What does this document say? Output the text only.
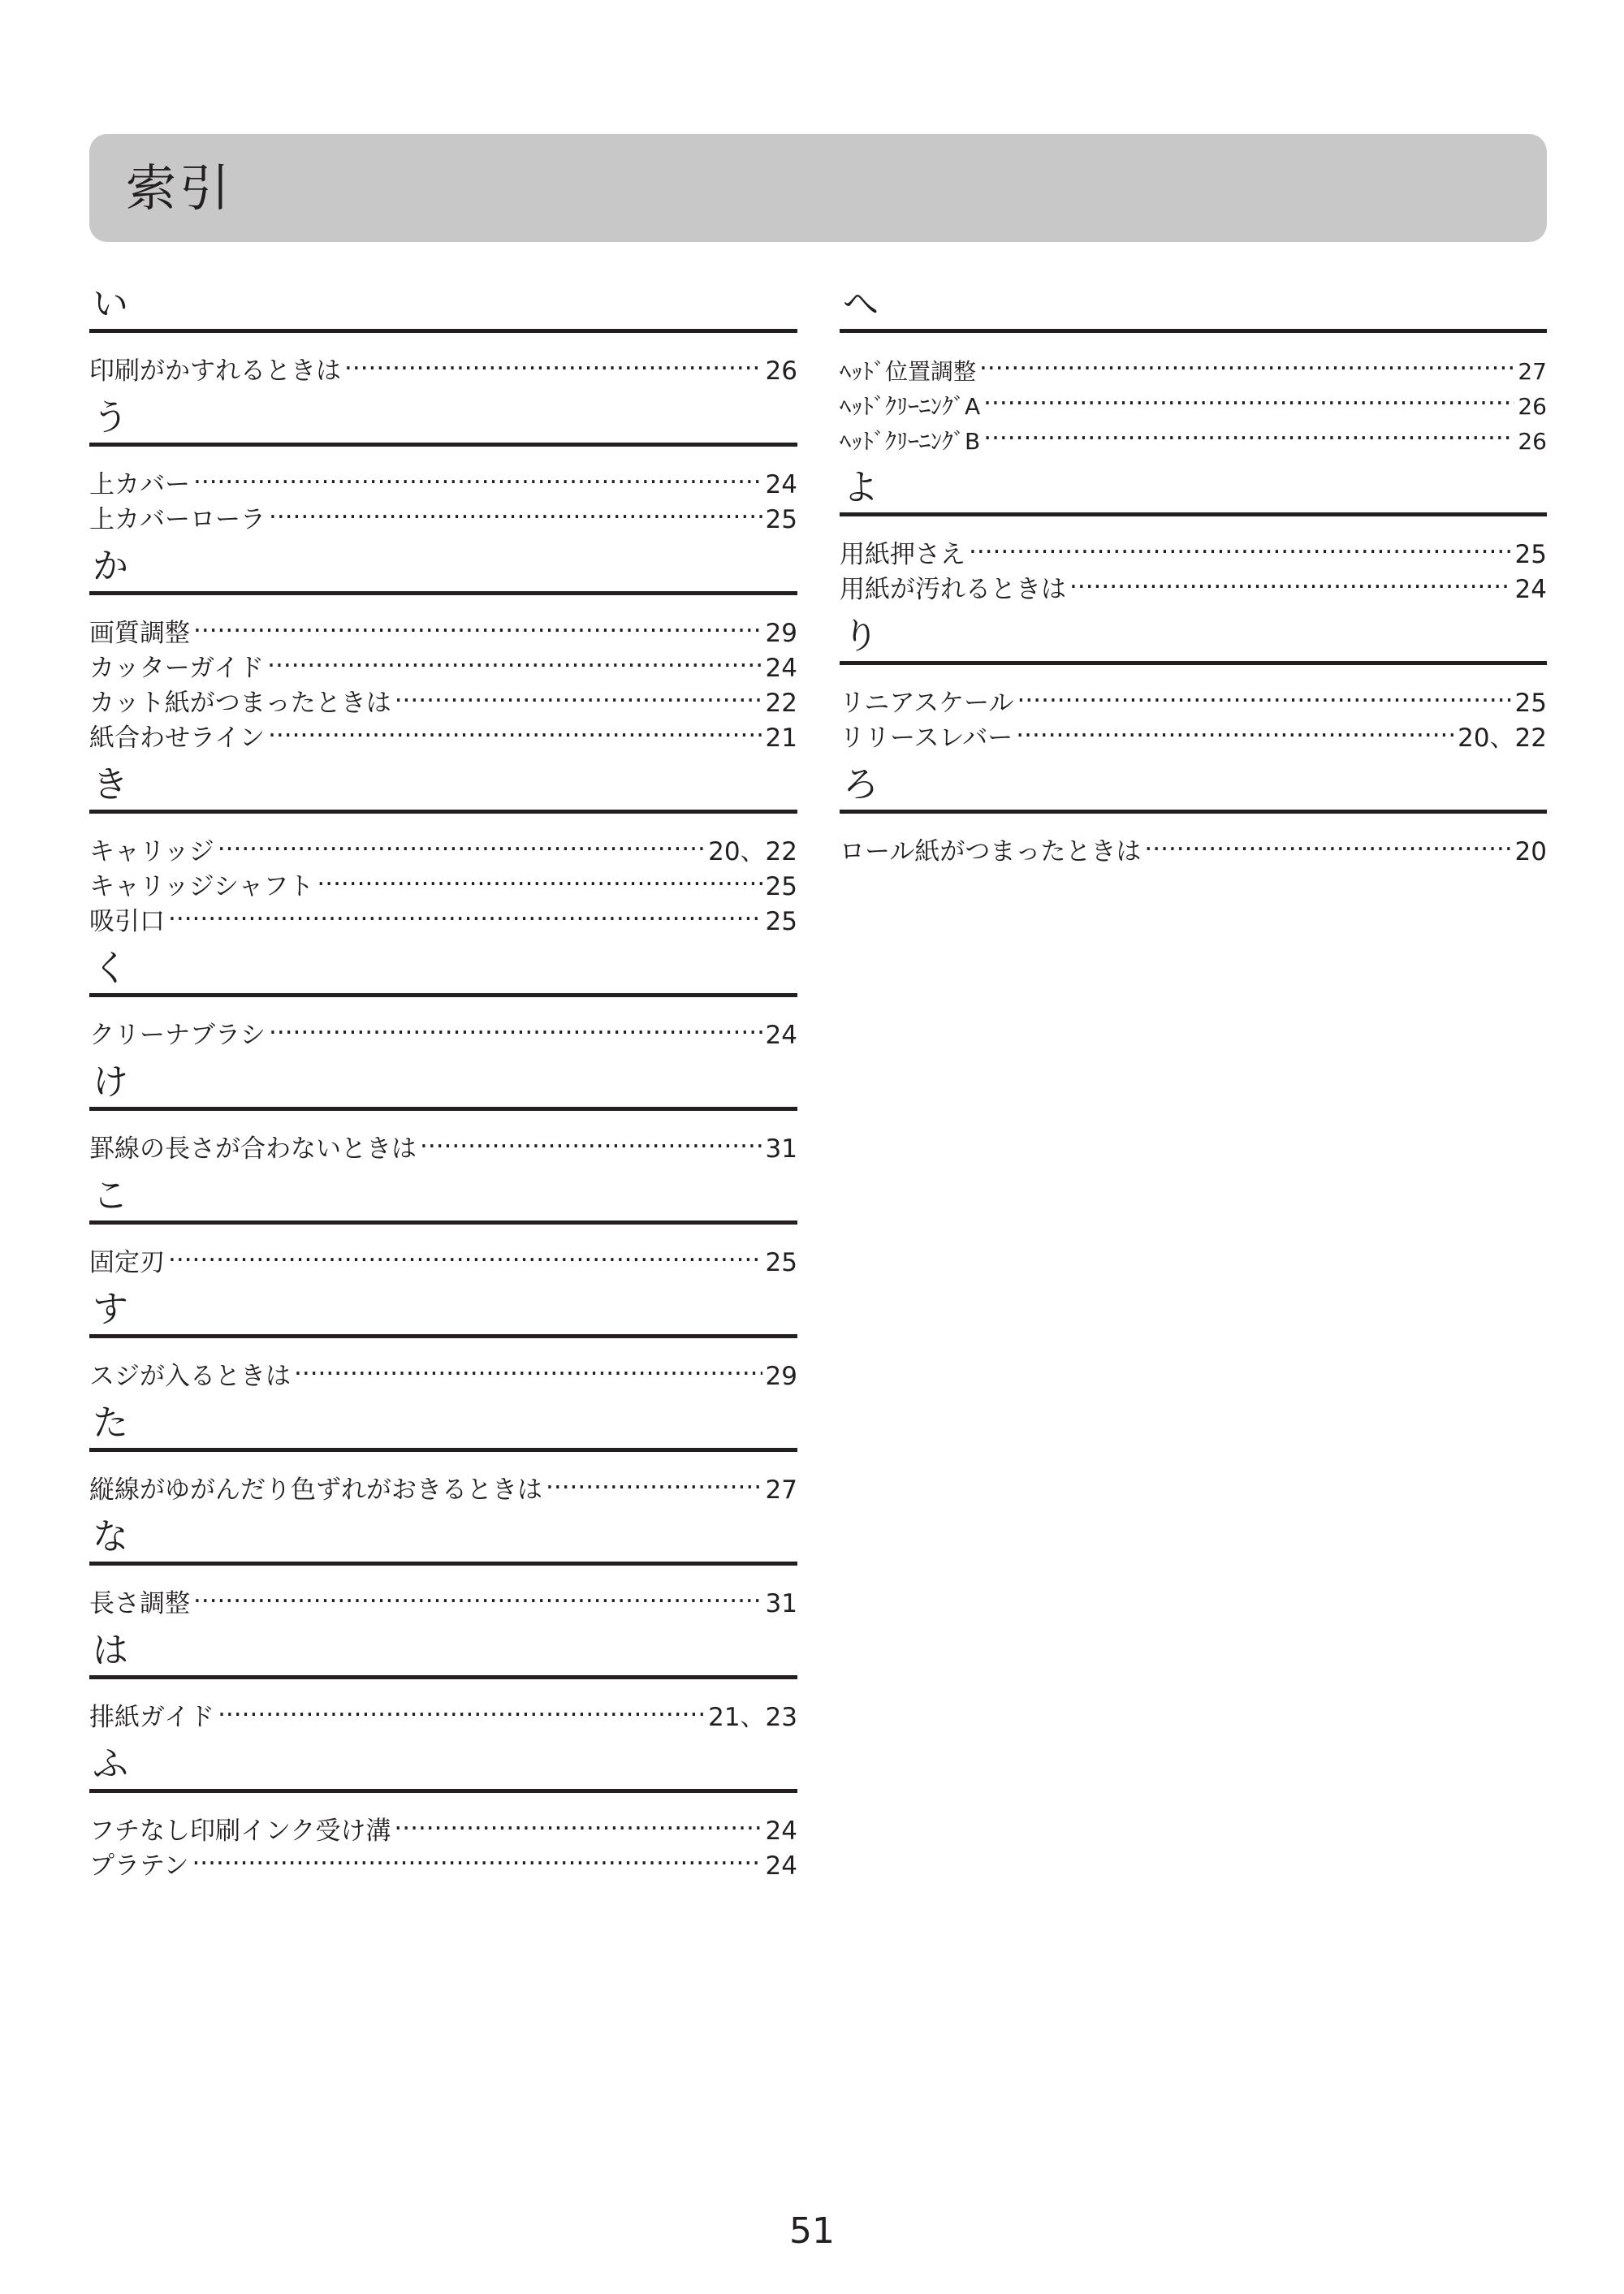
索引
い
印刷がかすれるときは .....	26
う
上カバー .....	24
上カバーローラ .....	25
か
画質調整 .....	29
カッターガイド .....	24
カット紙がつまったときは .....	22
紙合わせライン .....	21
き
キャリッジ .....	20、22
キャリッジシャフト .....	25
吸引口 .....	25
く
クリーナブラシ .....	24
け
罫線の長さが合わないときは .....	31
こ
固定刃 .....	25
す
スジが入るときは .....	29
た
縦線がゆがんだり色ずれがおきるときは .....	27
な
長さ調整 .....	31
は
排紙ガイド .....	21、23
ふ
フチなし印刷インク受け溝 .....	24
プラテン .....	24
へ
ﾍｯﾄﾞ位置調整 .....	27
ﾍｯﾄﾞｸﾘｰﾆﾝｸﾞA .....	26
ﾍｯﾄﾞｸﾘｰﾆﾝｸﾞB .....	26
よ
用紙押さえ .....	25
用紙が汚れるときは .....	24
り
リニアスケール .....	25
リリースレバー .....	20、22
ろ
ロール紙がつまったときは .....	20
51
